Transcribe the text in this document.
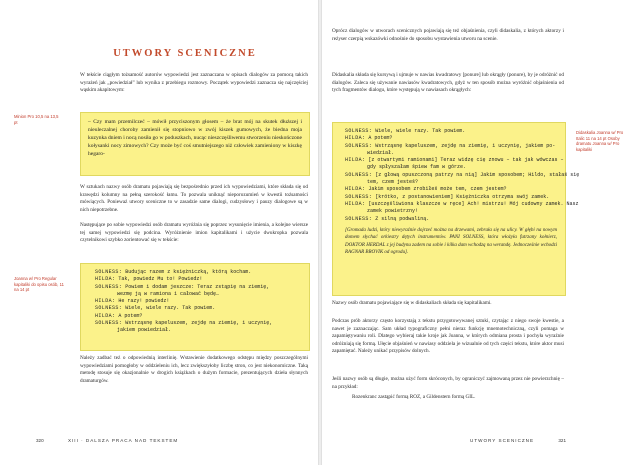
UTWORY SCENICZNE
W tekście ciągłym tożsamość autorów wypowiedzi jest zaznaczana w opisach dialogów za pomocą takich wyrażeń jak „powiedział” lub wynika z przebiegu rozmowy. Początek wypowiedzi zaznacza się najczęściej wąskim akapitowym:
Minion Pro 10,5 na 13,5 pt	– Czy mam przemilczeć – mówił przyciszonym głosem – że brat mój na skutek dłuższej i nieuleczalnej choroby zamienił się stopniowo w zwój kiszek gumowych, że biedna moja kuzynka dniem i nocą nosiła go w poduszkach, nucąc nieszczęśliwemu stworzeniu nieskończone kołysanki nocy zimowych? Czy może być coś smutniejszego niż człowiek zamieniony w kiszkę hegaro-
W sztukach nazwy osób dramatu pojawiają się bezpośrednio przed ich wypowiedziami, które składa się od krawędzi kolumny na pełną szerokość łamu. To pozwala uniknąć nieporozumień w kwestii tożsamości mówiących. Ponieważ utwory sceniczne to w zasadzie same dialogi, cudzysłowy i pauzy dialogowe są w nich niepotrzebne.
Następujące po sobie wypowiedzi osób dramatu wyróżnia się poprzez wysunięcie imienia, a kolejne wiersze tej samej wypowiedzi się podcina. Wyróżnienie imion kapitalikami i użycie dwukropka pozwala czytelnikowi szybko zorientować się w tekście:
Joanna w/ Pro Regular kapitaliki do opisu osób, 11 na 14 pt
SOLNESS: Budując razem z księżniczką, którą kocham.
HILDA: Tak, powiedz Mu to! Powiedz!
SOLNESS: Powiem i dodam jeszcze: Teraz zstąpię na ziemię,
wezmę ją w ramiona i całować będę…
HILDA: He razy! powiedz!
SOLNESS: Wiele, wiele razy. Tak powiem.
HILDA: A potem?
SOLNESS: Wstrząsnę kapeluszem, zejdę na ziemię, i uczynię,
jakiem powiedział.
Należy zadbać też o odpowiednią interlinię. Wstawienie dodatkowego odstępu między poszczególnymi wypowiedziami pomogłoby w oddzieleniu ich, lecz zwiększyłoby liczbę stron, co jest niekonomiczne. Taką metodę stosuje się okazjonalnie w drogich książkach o dużym formacie, prezentujących dzieła słynnych dramaturgów.
320	XIII · DALSZA PRACA NAD TEKSTEM
Oprócz dialogów w utworach scenicznych pojawiają się też objaśnienia, czyli didaskalia, z których aktorzy i reżyser czerpią wskazówki odnośnie do sposobu wystawienia utworu na scenie.
Didaskalia składa się kursywą i ujmuje w nawias kwadratowy [ponure] lub okrągły (ponure), by je odróżnić od dialogów. Zaleca się używanie nawiasów kwadratowych, gdyż w ten sposób można wyróżnić objaśnienia od tych fragmentów dialogu, które występują w nawiasach okrągłych:
Didaskalia Joanna w/ Pro Italic 11 na 14 pt Osoby dramatu Joanna w/ Pro kapitaliki
SOLNESS: Wiele, wiele razy. Tak powiem.
HILDA: A potem?
SOLNESS: Wstrząsnę kapeluszem, zejdę na ziemię, i uczynię, jakiem po-
wiedział.
HILDA: [z otwartymi ramionami] Teraz widzę cię znowu – tak jak wówczas –
gdy spłyszałam śpiew fam w górze.
SOLNESS: [z głową opuszczoną patrzy na nią] Jakim sposobem; Hildo, stałaś się
tem, czem jesteś?
HILDA: Jakim sposobem zrobiłeś może tem, czem jestem?
SOLNESS: [krótko, z postanowieniem] Księżniczka otrzyma swój zamek.
HILDA: [uszczęśliwiona klaszcze w ręce] Ach! mistrzu! Mój cudowny zamek. Nasz
zamek powietrzny!
SOLNESS: Z silną podwaliną.
[Gromada ludzi, który niewyraźnie dojrzeć można na drzewami, zebrała się na ulicy. W głębi na nowym domem słychać orkiestry dętych instrumentów. PANI SOLNESS, która włożyła futrzany kołnierz, DOKTOR HERDAL z jej budynu zadem na sobie i kilka dam wchodzą na werandę. Jednocześnie wchodzi RAGNAR BROVIK od ogrodu].
Nazwy osób dramatu pojawiające się w didaskaliach składa się kapitalikami.
Podczas prób aktorzy często korzystają z tekstu przygotowywanej sztuki, czytając z niego swoje kwestie, a nawet je zaznaczając. Sam układ typograficzny pełni nieraz funkcję mnemotechniczną, czyli pomaga w zapamiętywaniu roli. Dlatego wybieraj takie kroje jak Joanna, w których odmiana prosta i pochyła wyraźnie odróżniają się formą. Ułęcie objaśnień w nawiasy oddziela je wizualnie od tych części tekstu, które aktor musi zapamiętać. Należy unikać przypisów dolnych.
Jeśli nazwy osób są długie, można użyć form skróconych, by ograniczyć zajmowaną przez nie powierzchnię – na przykład:
Rozenkranc zastąpić formą ROZ, a Gildenstern formą GIL.
UTWORY SCENICZNE	321
